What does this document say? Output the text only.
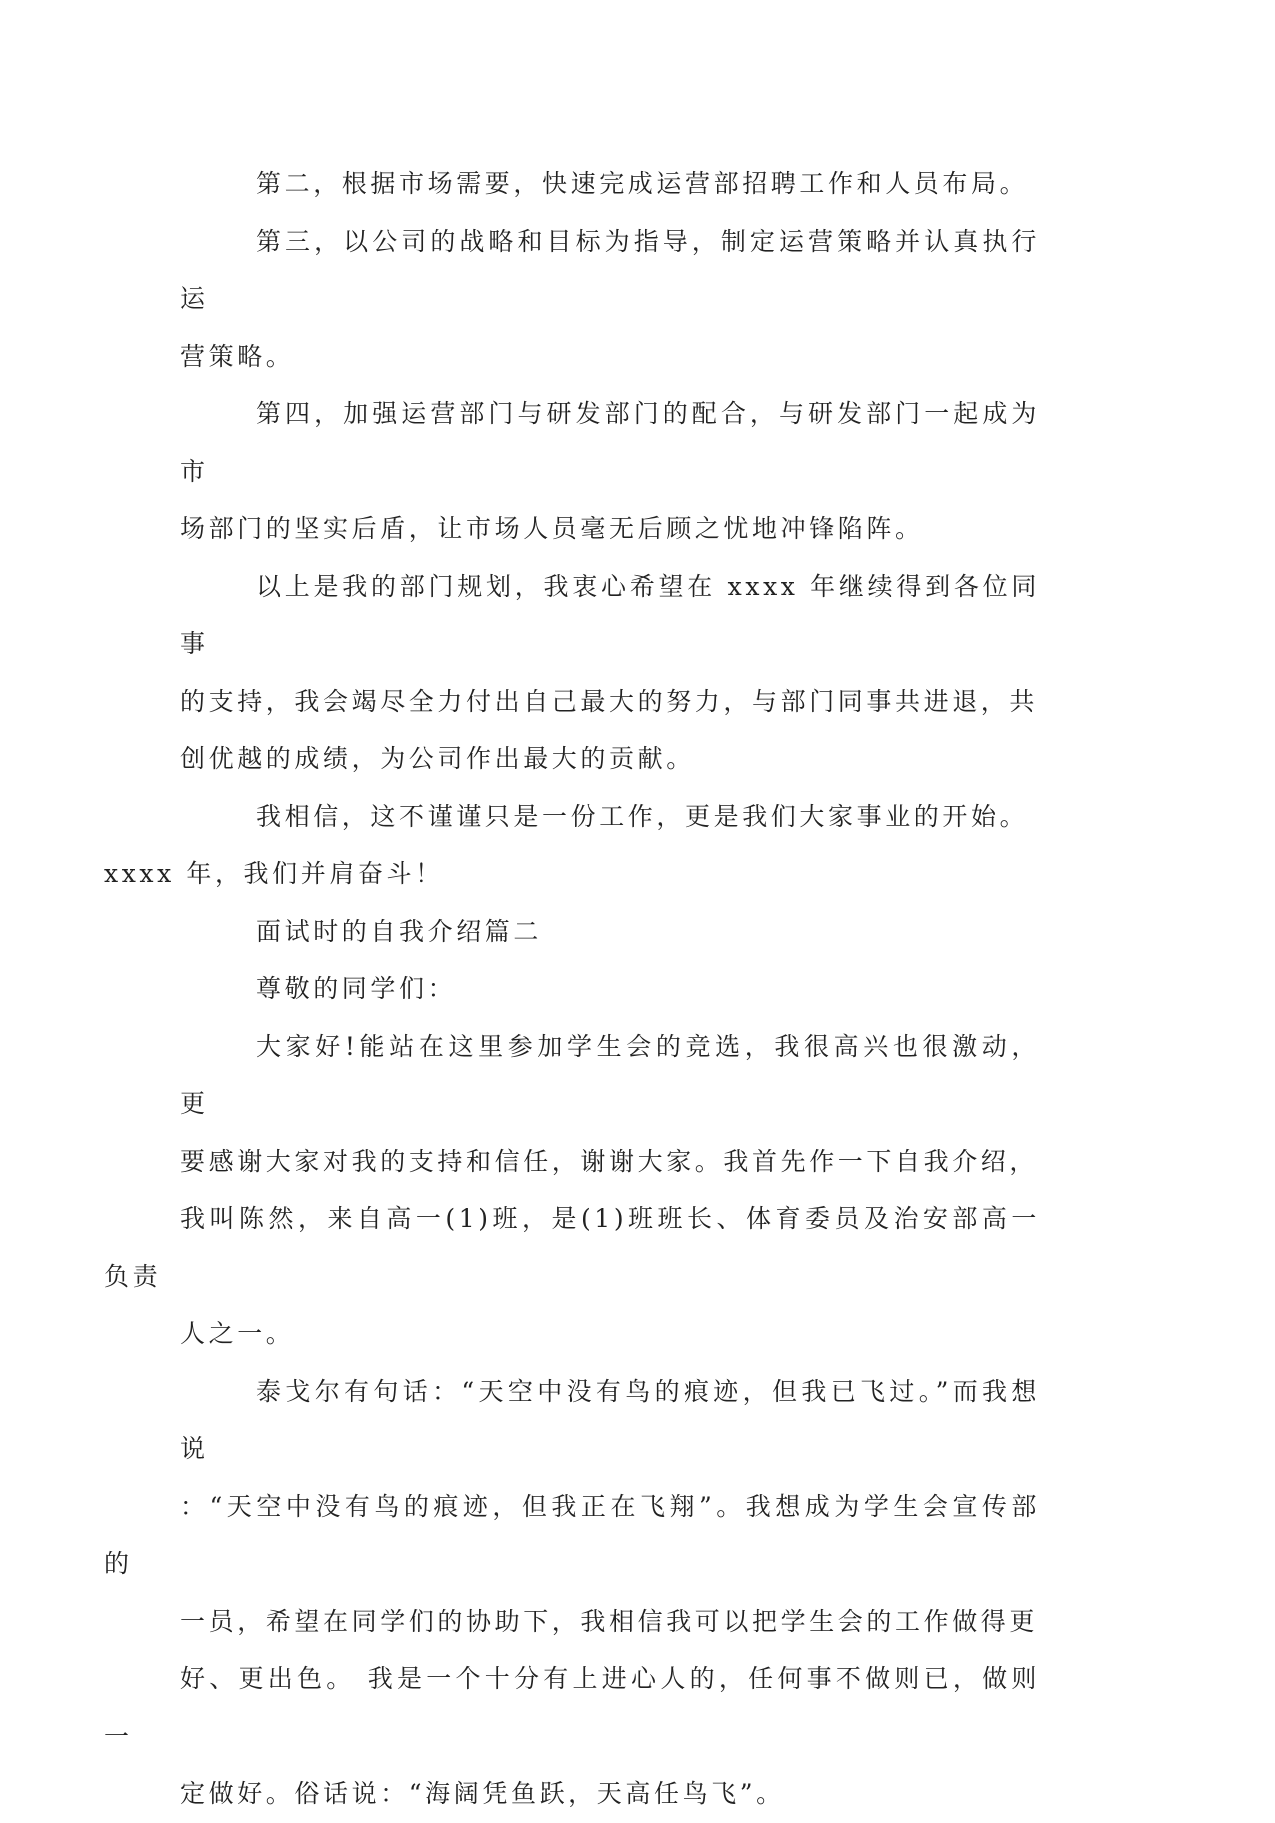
第二，根据市场需要，快速完成运营部招聘工作和人员布局。

第三，以公司的战略和目标为指导，制定运营策略并认真执行运
营策略。

第四，加强运营部门与研发部门的配合，与研发部门一起成为市
场部门的坚实后盾，让市场人员毫无后顾之忧地冲锋陷阵。

以上是我的部门规划，我衷心希望在 xxxx 年继续得到各位同事
的支持，我会竭尽全力付出自己最大的努力，与部门同事共进退，共
创优越的成绩，为公司作出最大的贡献。

我相信，这不谨谨只是一份工作，更是我们大家事业的开始。
xxxx 年，我们并肩奋斗！

面试时的自我介绍篇二

尊敬的同学们：

大家好!能站在这里参加学生会的竞选，我很高兴也很激动，更
要感谢大家对我的支持和信任，谢谢大家。我首先作一下自我介绍，
我叫陈然，来自高一(1)班，是(1)班班长、体育委员及治安部高一负责
人之一。

泰戈尔有句话：“天空中没有鸟的痕迹，但我已飞过。”而我想说
：“天空中没有鸟的痕迹，但我正在飞翔”。我想成为学生会宣传部的
一员，希望在同学们的协助下，我相信我可以把学生会的工作做得更
好、更出色。 我是一个十分有上进心人的，任何事不做则已，做则一
定做好。俗话说：“海阔凭鱼跃，天高任鸟飞”。
